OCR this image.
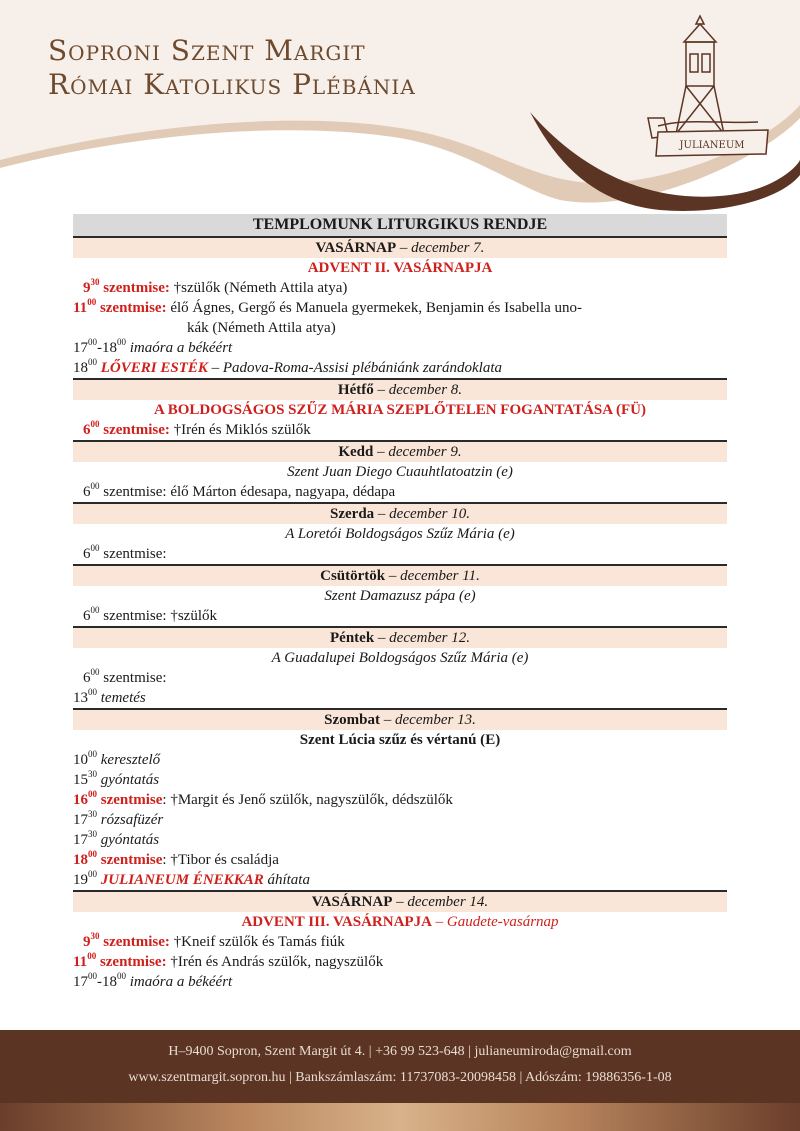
Soproni Szent Margit
Római Katolikus Plébánia
JULIANEUM
TEMPLOMUNK LITURGIKUS RENDJE
VASÁRNAP – december 7.
ADVENT II. VASÁRNAPJA
$9^{30}$ szentmise: †szülők (Németh Attila atya)
$11^{00}$ szentmise: élő Ágnes, Gergő és Manuela gyermekek, Benjamin és Isabella uno-
kák (Németh Attila atya)
$17^{00}-18^{00}$ imaóra a békéért
$18^{00}$ LŐVERI ESTÉK – Padova-Roma-Assisi plébániánk zarándoklata
Hétfő – december 8.
A BOLDOGSÁGOS SZŰZ MÁRIA SZEPLŐTELEN FOGANTATÁSA (FÜ)
$6^{00}$ szentmise: †Irén és Miklós szülők
Kedd – december 9.
Szent Juan Diego Cuauhtlatoatzin (e)
$6^{00}$ szentmise: élő Márton édesapa, nagyapa, dédapa
Szerda – december 10.
A Loretói Boldogságos Szűz Mária (e)
$6^{00}$ szentmise:
Csütörtök – december 11.
Szent Damazusz pápa (e)
$6^{00}$ szentmise: †szülők
Péntek – december 12.
A Guadalupei Boldogságos Szűz Mária (e)
$6^{00}$ szentmise:
$13^{00}$ temetés
Szombat – december 13.
Szent Lúcia szűz és vértanú (E)
$10^{00}$ keresztelő
$15^{30}$ gyóntatás
$16^{00}$ szentmise: †Margit és Jenő szülők, nagyszülők, dédszülők
$17^{30}$ rózsafüzér
$17^{30}$ gyóntatás
$18^{00}$ szentmise: †Tibor és családja
$19^{00}$ JULIANEUM ÉNEKKAR áhítata
VASÁRNAP – december 14.
ADVENT III. VASÁRNAPJA – Gaudete-vasárnap
$9^{30}$ szentmise: †Kneif szülők és Tamás fiúk
$11^{00}$ szentmise: †Irén és András szülők, nagyszülők
$17^{00}-18^{00}$ imaóra a békéért
H–9400 Sopron, Szent Margit út 4. | +36 99 523-648 | julianeumiroda@gmail.com
www.szentmargit.sopron.hu | Bankszámlaszám: 11737083-20098458 | Adószám: 19886356-1-08
